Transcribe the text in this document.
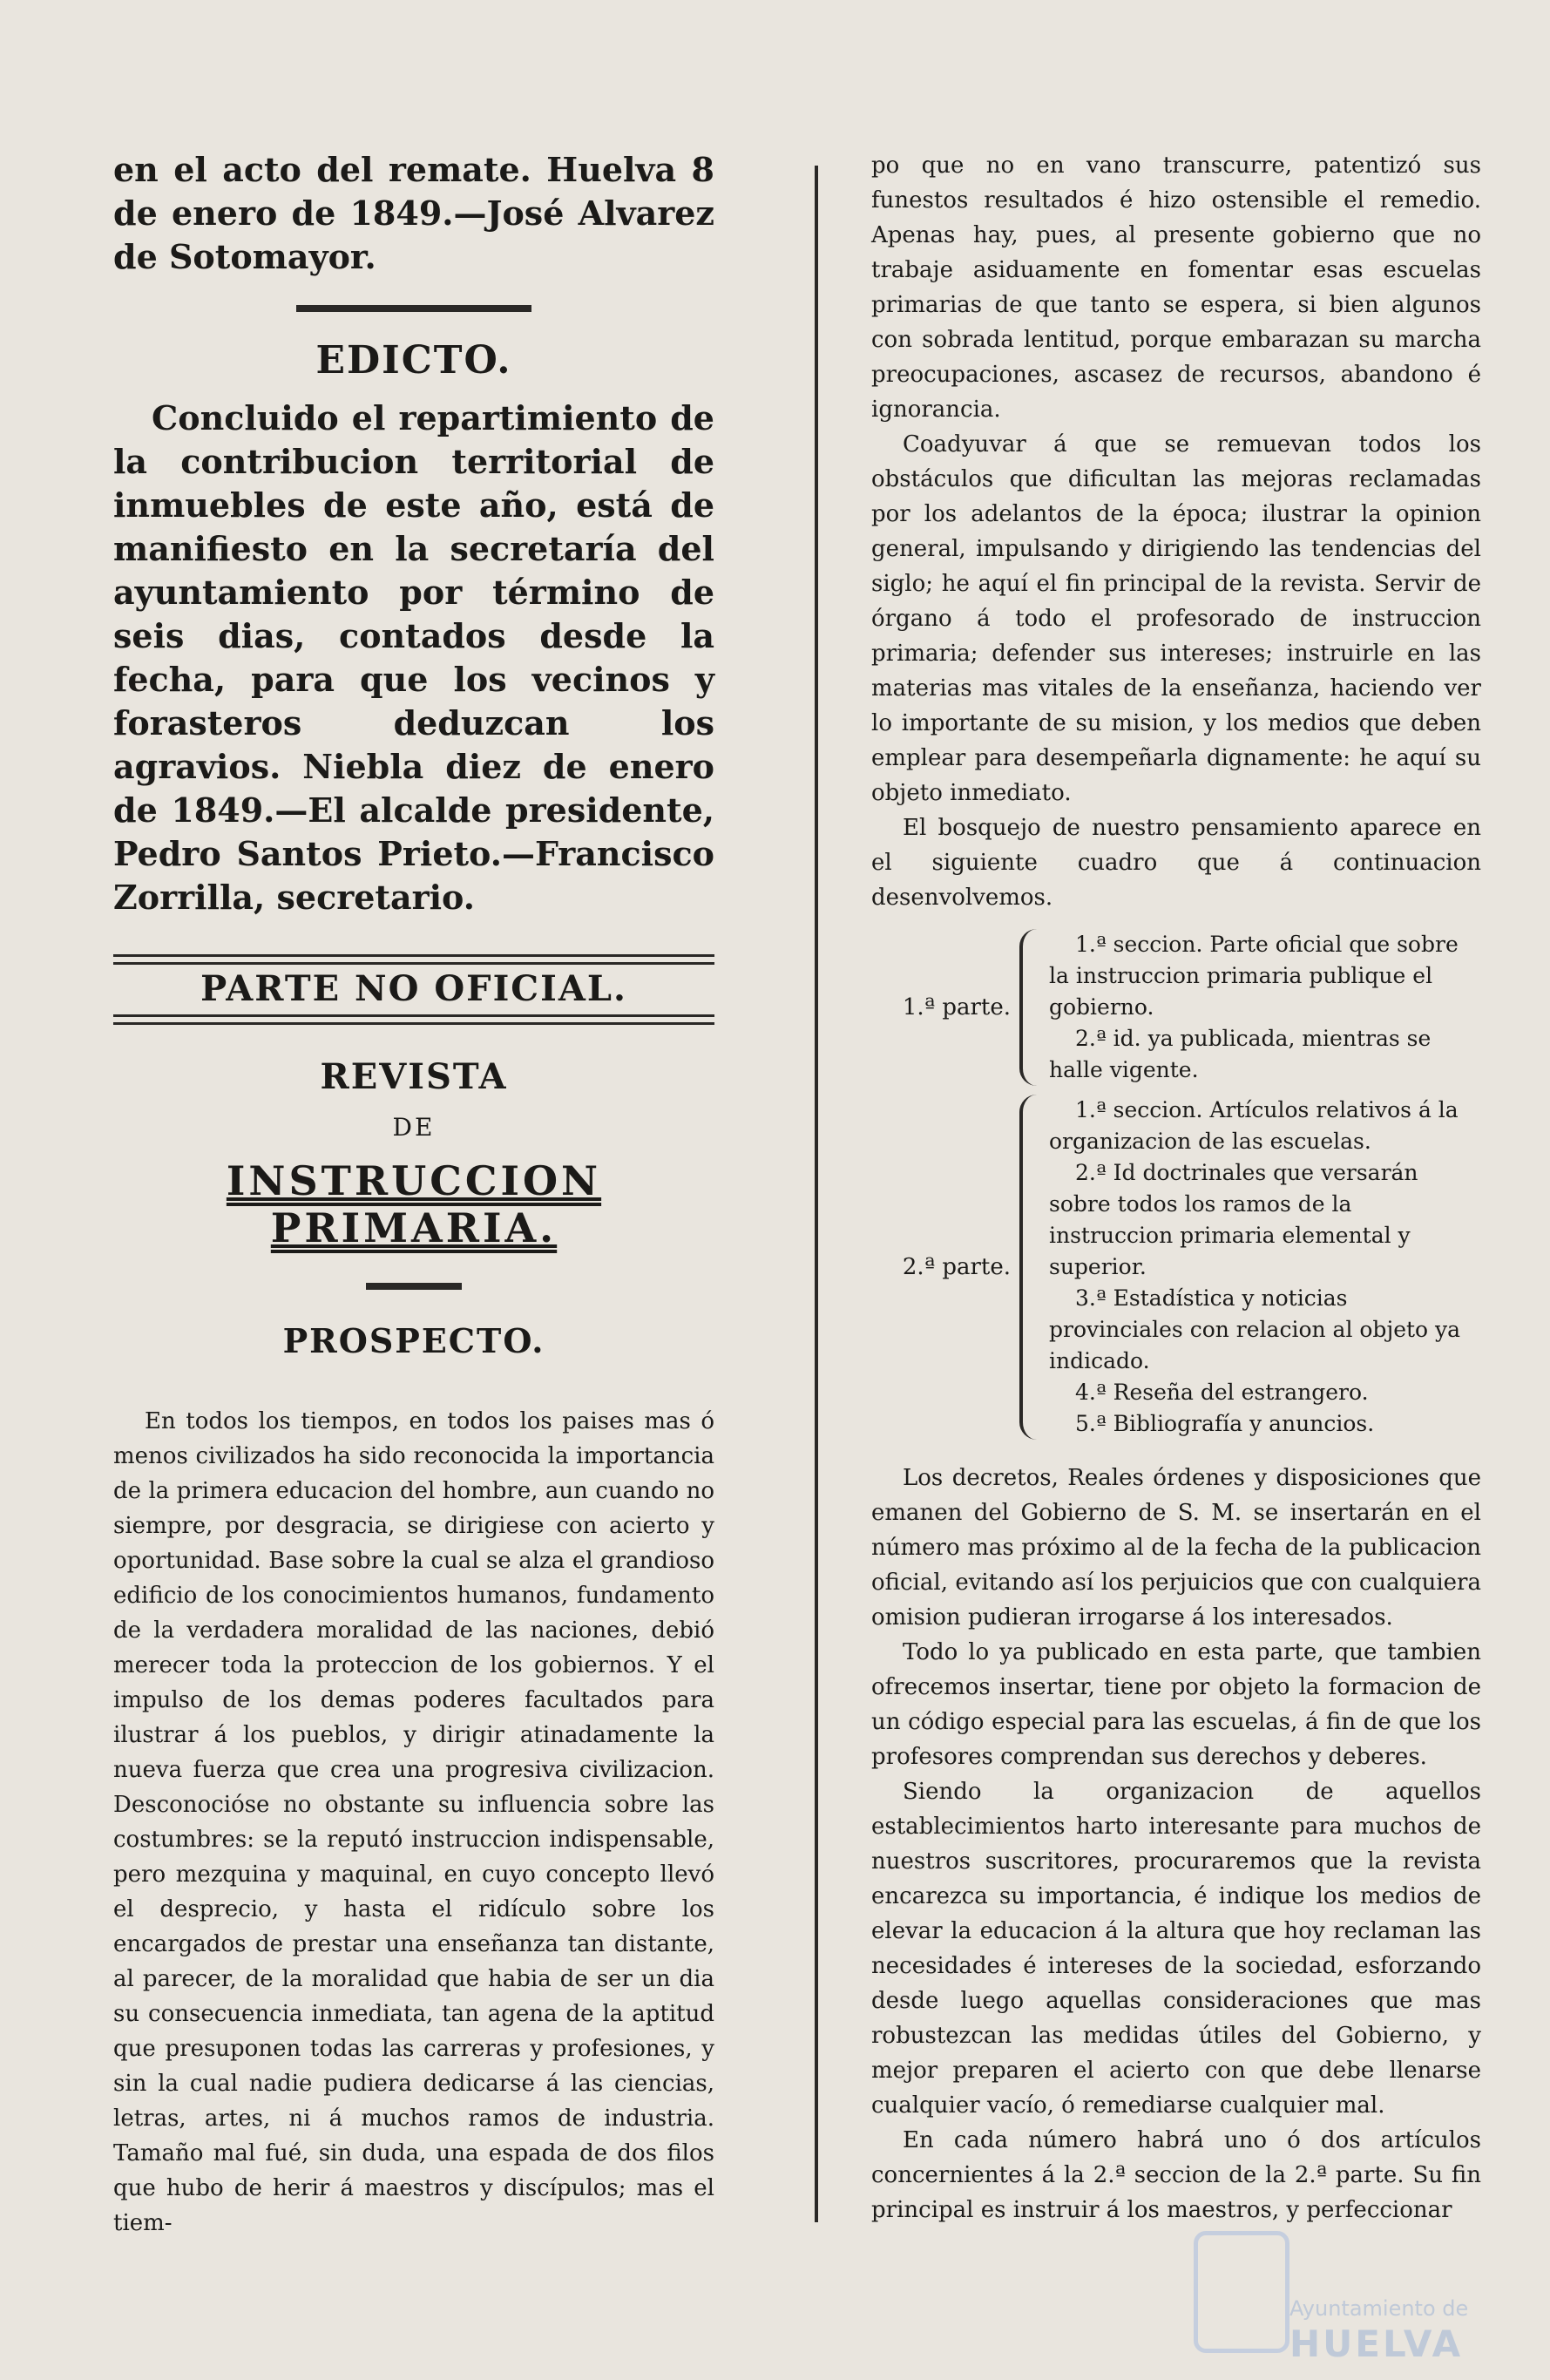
en el acto del remate. Huelva 8 de enero de 1849.—José Alvarez de Sotomayor.

EDICTO.

Concluido el repartimiento de la contribucion territorial de inmuebles de este año, está de manifiesto en la secretaría del ayuntamiento por término de seis dias, contados desde la fecha, para que los vecinos y forasteros deduzcan los agravios. Niebla diez de enero de 1849.—El alcalde presidente, Pedro Santos Prieto.—Francisco Zorrilla, secretario.

PARTE NO OFICIAL.

REVISTA

DE

INSTRUCCION PRIMARIA.

PROSPECTO.

En todos los tiempos, en todos los paises mas ó menos civilizados ha sido reconocida la importancia de la primera educacion del hombre, aun cuando no siempre, por desgracia, se dirigiese con acierto y oportunidad. Base sobre la cual se alza el grandioso edificio de los conocimientos humanos, fundamento de la verdadera moralidad de las naciones, debió merecer toda la proteccion de los gobiernos. Y el impulso de los demas poderes facultados para ilustrar á los pueblos, y dirigir atinadamente la nueva fuerza que crea una progresiva civilizacion. Desconocióse no obstante su influencia sobre las costumbres: se la reputó instruccion indispensable, pero mezquina y maquinal, en cuyo concepto llevó el desprecio, y hasta el ridículo sobre los encargados de prestar una enseñanza tan distante, al parecer, de la moralidad que habia de ser un dia su consecuencia inmediata, tan agena de la aptitud que presuponen todas las carreras y profesiones, y sin la cual nadie pudiera dedicarse á las ciencias, letras, artes, ni á muchos ramos de industria. Tamaño mal fué, sin duda, una espada de dos filos que hubo de herir á maestros y discípulos; mas el tiem-

po que no en vano transcurre, patentizó sus funestos resultados é hizo ostensible el remedio. Apenas hay, pues, al presente gobierno que no trabaje asiduamente en fomentar esas escuelas primarias de que tanto se espera, si bien algunos con sobrada lentitud, porque embarazan su marcha preocupaciones, ascasez de recursos, abandono é ignorancia.

Coadyuvar á que se remuevan todos los obstáculos que dificultan las mejoras reclamadas por los adelantos de la época; ilustrar la opinion general, impulsando y dirigiendo las tendencias del siglo; he aquí el fin principal de la revista. Servir de órgano á todo el profesorado de instruccion primaria; defender sus intereses; instruirle en las materias mas vitales de la enseñanza, haciendo ver lo importante de su mision, y los medios que deben emplear para desempeñarla dignamente: he aquí su objeto inmediato.

El bosquejo de nuestro pensamiento aparece en el siguiente cuadro que á continuacion desenvolvemos.

1.ª parte.
1.ª seccion. Parte oficial que sobre la instruccion primaria publique el gobierno.
2.ª id. ya publicada, mientras se halle vigente.
2.ª parte.
1.ª seccion. Artículos relativos á la organizacion de las escuelas.
2.ª Id doctrinales que versarán sobre todos los ramos de la instruccion primaria elemental y superior.
3.ª Estadística y noticias provinciales con relacion al objeto ya indicado.
4.ª Reseña del estrangero.
5.ª Bibliografía y anuncios.

Los decretos, Reales órdenes y disposiciones que emanen del Gobierno de S. M. se insertarán en el número mas próximo al de la fecha de la publicacion oficial, evitando así los perjuicios que con cualquiera omision pudieran irrogarse á los interesados.

Todo lo ya publicado en esta parte, que tambien ofrecemos insertar, tiene por objeto la formacion de un código especial para las escuelas, á fin de que los profesores comprendan sus derechos y deberes.

Siendo la organizacion de aquellos establecimientos harto interesante para muchos de nuestros suscritores, procuraremos que la revista encarezca su importancia, é indique los medios de elevar la educacion á la altura que hoy reclaman las necesidades é intereses de la sociedad, esforzando desde luego aquellas consideraciones que mas robustezcan las medidas útiles del Gobierno, y mejor preparen el acierto con que debe llenarse cualquier vacío, ó remediarse cualquier mal.

En cada número habrá uno ó dos artículos concernientes á la 2.ª seccion de la 2.ª parte. Su fin principal es instruir á los maestros, y perfeccionar

Ayuntamiento de
HUELVA
